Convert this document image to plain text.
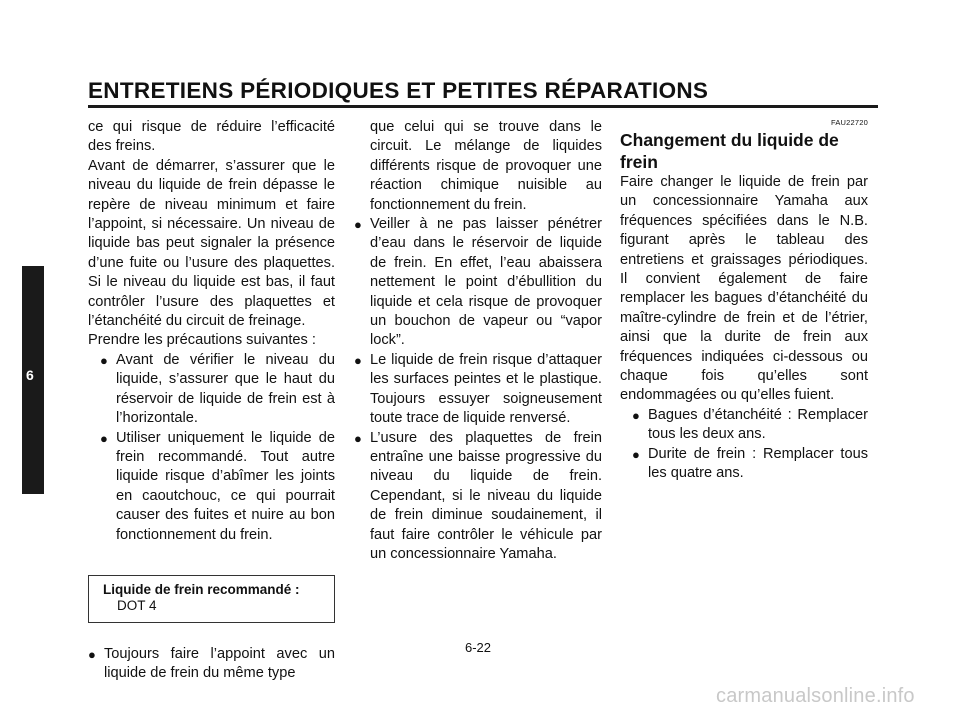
ENTRETIENS PÉRIODIQUES ET PETITES RÉPARATIONS
6

ce qui risque de réduire l’efficacité des freins.

Avant de démarrer, s’assurer que le niveau du liquide de frein dépasse le repère de niveau minimum et faire l’appoint, si nécessaire. Un niveau de liquide bas peut signaler la présence d’une fuite ou l’usure des plaquettes. Si le niveau du liquide est bas, il faut contrôler l’usure des plaquettes et l’étanchéité du circuit de freinage.

Prendre les précautions suivantes :

● Avant de vérifier le niveau du liquide, s’assurer que le haut du réservoir de liquide de frein est à l’horizontale.
● Utiliser uniquement le liquide de frein recommandé. Tout autre liquide risque d’abîmer les joints en caoutchouc, ce qui pourrait causer des fuites et nuire au bon fonctionnement du frein.
Liquide de frein recommandé :
DOT 4
● Toujours faire l’appoint avec un liquide de frein du même type

que celui qui se trouve dans le circuit. Le mélange de liquides différents risque de provoquer une réaction chimique nuisible au fonctionnement du frein.

● Veiller à ne pas laisser pénétrer d’eau dans le réservoir de liquide de frein. En effet, l’eau abaissera nettement le point d’ébullition du liquide et cela risque de provoquer un bouchon de vapeur ou “vapor lock”.
● Le liquide de frein risque d’attaquer les surfaces peintes et le plastique. Toujours essuyer soigneusement toute trace de liquide renversé.
● L’usure des plaquettes de frein entraîne une baisse progressive du niveau du liquide de frein. Cependant, si le niveau du liquide de frein diminue soudainement, il faut faire contrôler le véhicule par un concessionnaire Yamaha.
FAU22720
Changement du liquide de frein

Faire changer le liquide de frein par un concessionnaire Yamaha aux fréquences spécifiées dans le N.B. figurant après le tableau des entretiens et graissages périodiques. Il convient également de faire remplacer les bagues d’étanchéité du maître-cylindre de frein et de l’étrier, ainsi que la durite de frein aux fréquences indiquées ci-dessous ou chaque fois qu’elles sont endommagées ou qu’elles fuient.

● Bagues d’étanchéité : Remplacer tous les deux ans.
● Durite de frein : Remplacer tous les quatre ans.
6-22
carmanualsonline.info
